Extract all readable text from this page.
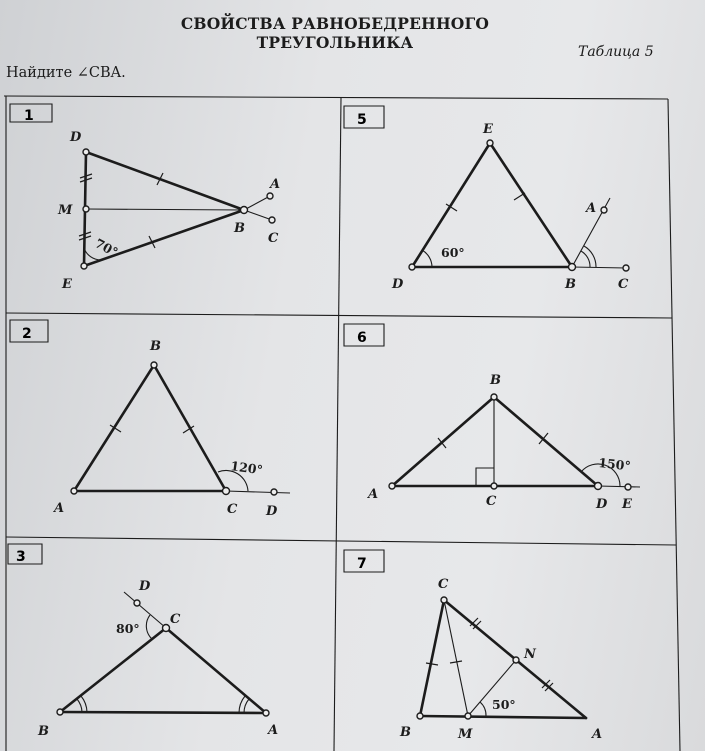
СВОЙСТВА РАВНОБЕДРЕННОГО ТРЕУГОЛЬНИКА	Таблица 5
Найдите ∠CBA.
1	5
2	6
3	7
D
M
E
B
A
C
70°
E
A
D	B	C
60°
B
A	C D
120°
B
A	C	D E
150°
D
C
B	A
80°
C
N
B	M	A
50°
